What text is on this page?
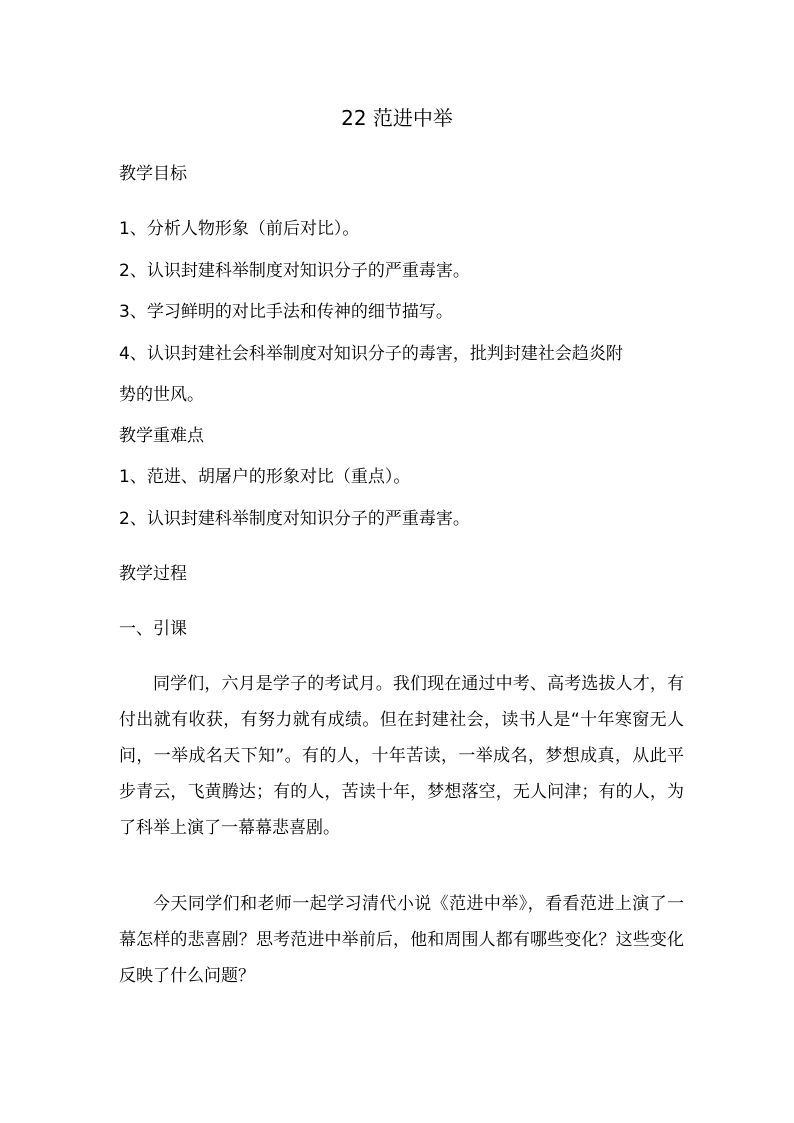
22 范进中举
教学目标
1、分析人物形象（前后对比）。
2、认识封建科举制度对知识分子的严重毒害。
3、学习鲜明的对比手法和传神的细节描写。
4、认识封建社会科举制度对知识分子的毒害，批判封建社会趋炎附
势的世风。
教学重难点
1、范进、胡屠户的形象对比（重点）。
2、认识封建科举制度对知识分子的严重毒害。
教学过程
一、引课

同学们，六月是学子的考试月。我们现在通过中考、高考选拔人才，有付出就有收获，有努力就有成绩。但在封建社会，读书人是“十年寒窗无人问，一举成名天下知”。有的人，十年苦读，一举成名，梦想成真，从此平步青云，飞黄腾达；有的人，苦读十年，梦想落空，无人问津；有的人，为了科举上演了一幕幕悲喜剧。

今天同学们和老师一起学习清代小说《范进中举》，看看范进上演了一幕怎样的悲喜剧？思考范进中举前后，他和周围人都有哪些变化？这些变化反映了什么问题？
